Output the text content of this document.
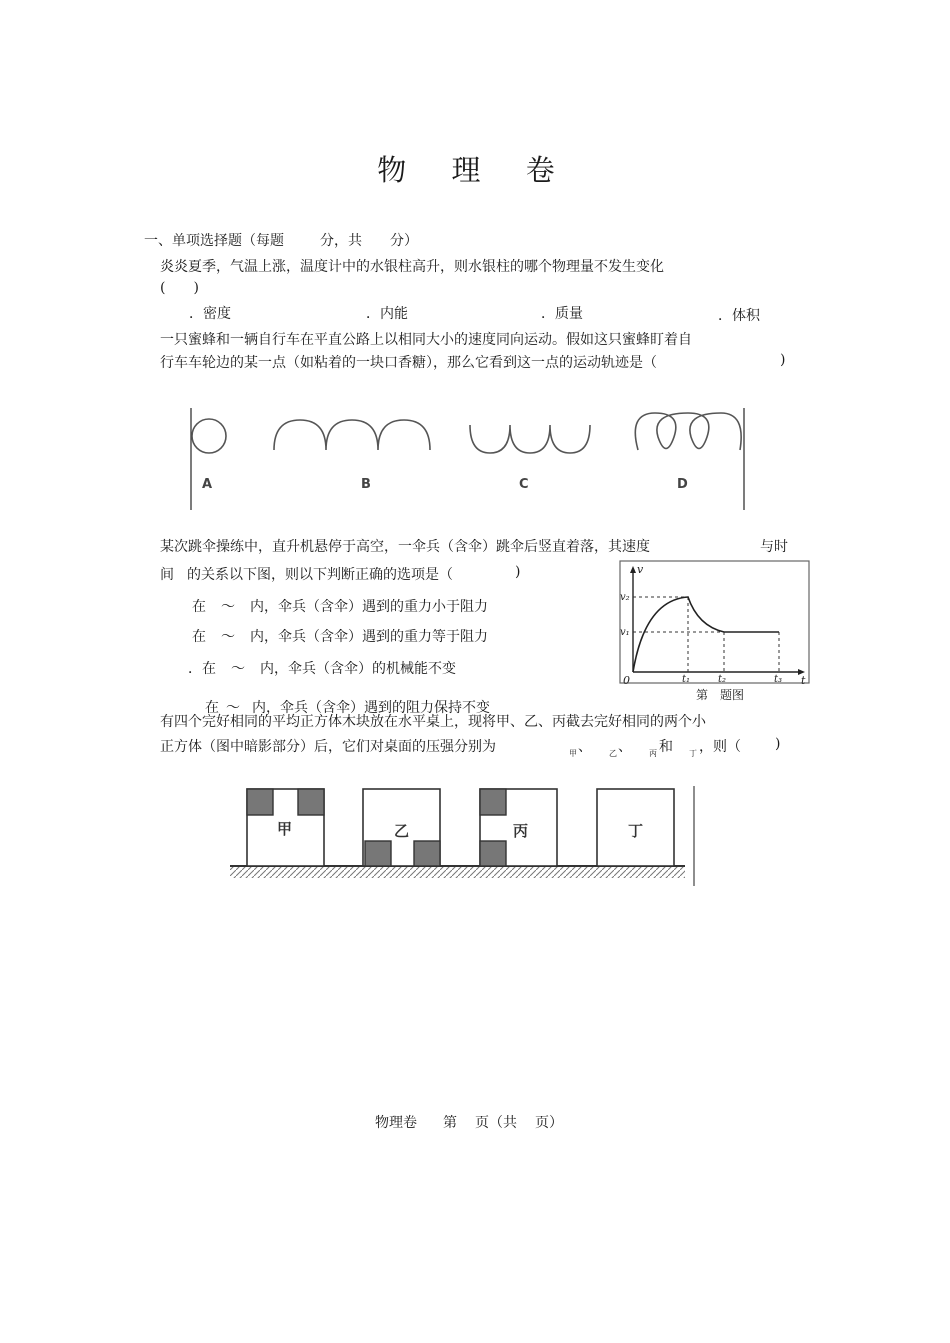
物 理 卷
一、单项选择题（每题	分，共 分）
炎炎夏季，气温上涨，温度计中的水银柱高升，则水银柱的哪个物理量不发生变化
(　　)
．密度	．内能	．质量	．体积
一只蜜蜂和一辆自行车在平直公路上以相同大小的速度同向运动。假如这只蜜蜂盯着自
行车车轮边的某一点（如粘着的一块口香糖），那么它看到这一点的运动轨迹是（	)
A	B	C	D
某次跳伞操练中，直升机悬停于高空，一伞兵（含伞）跳伞后竖直着落，其速度	与时
间 的关系以下图，则以下判断正确的选项是（	)
在 ～ 内，伞兵（含伞）遇到的重力小于阻力
在 ～ 内，伞兵（含伞）遇到的重力等于阻力
．在 ～ 内，伞兵（含伞）的机械能不变
在 ～ 内，伞兵（含伞）遇到的阻力保持不变
v
t
0
v₂
v₁
t₁	t₂	t₃
第 题图
有四个完好相同的平均正方体木块放在水平桌上，现将甲、乙、丙截去完好相同的两个小
正方体（图中暗影部分）后，它们对桌面的压强分别为	甲 、 乙 、 丙 和 丁 ，则（ )
甲	乙	丙	丁
物理卷 第 页（共 页）
